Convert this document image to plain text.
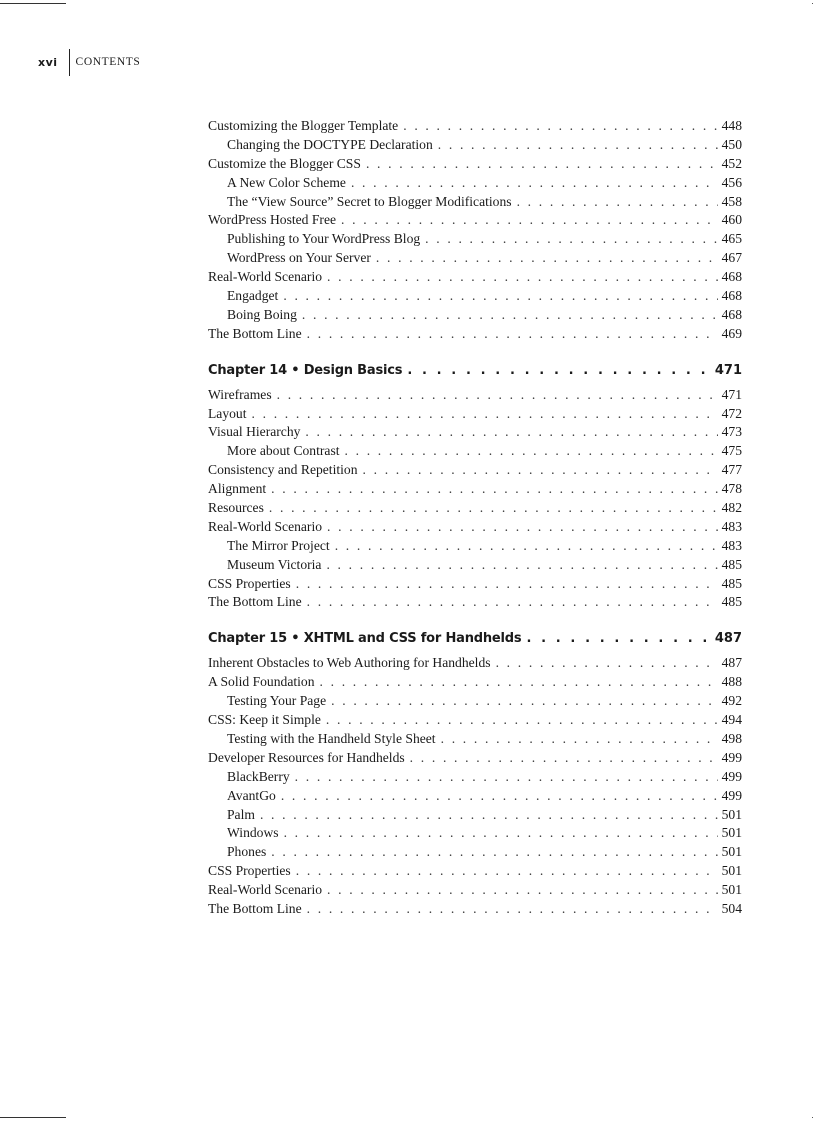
xvi CONTENTS
Customizing the Blogger Template . . .	448
Changing the DOCTYPE Declaration . . .	450
Customize the Blogger CSS . . .	452
A New Color Scheme . . .	456
The “View Source” Secret to Blogger Modifications . . .	458
WordPress Hosted Free . . .	460
Publishing to Your WordPress Blog . . .	465
WordPress on Your Server . . .	467
Real-World Scenario . . .	468
Engadget . . .	468
Boing Boing . . .	468
The Bottom Line . . .	469
Chapter 14 • Design Basics . . .	471
Wireframes . . .	471
Layout . . .	472
Visual Hierarchy . . .	473
More about Contrast . . .	475
Consistency and Repetition . . .	477
Alignment . . .	478
Resources . . .	482
Real-World Scenario . . .	483
The Mirror Project . . .	483
Museum Victoria . . .	485
CSS Properties . . .	485
The Bottom Line . . .	485
Chapter 15 • XHTML and CSS for Handhelds . . .	487
Inherent Obstacles to Web Authoring for Handhelds . . .	487
A Solid Foundation . . .	488
Testing Your Page . . .	492
CSS: Keep it Simple . . .	494
Testing with the Handheld Style Sheet . . .	498
Developer Resources for Handhelds . . .	499
BlackBerry . . .	499
AvantGo . . .	499
Palm . . .	501
Windows . . .	501
Phones . . .	501
CSS Properties . . .	501
Real-World Scenario . . .	501
The Bottom Line . . .	504
